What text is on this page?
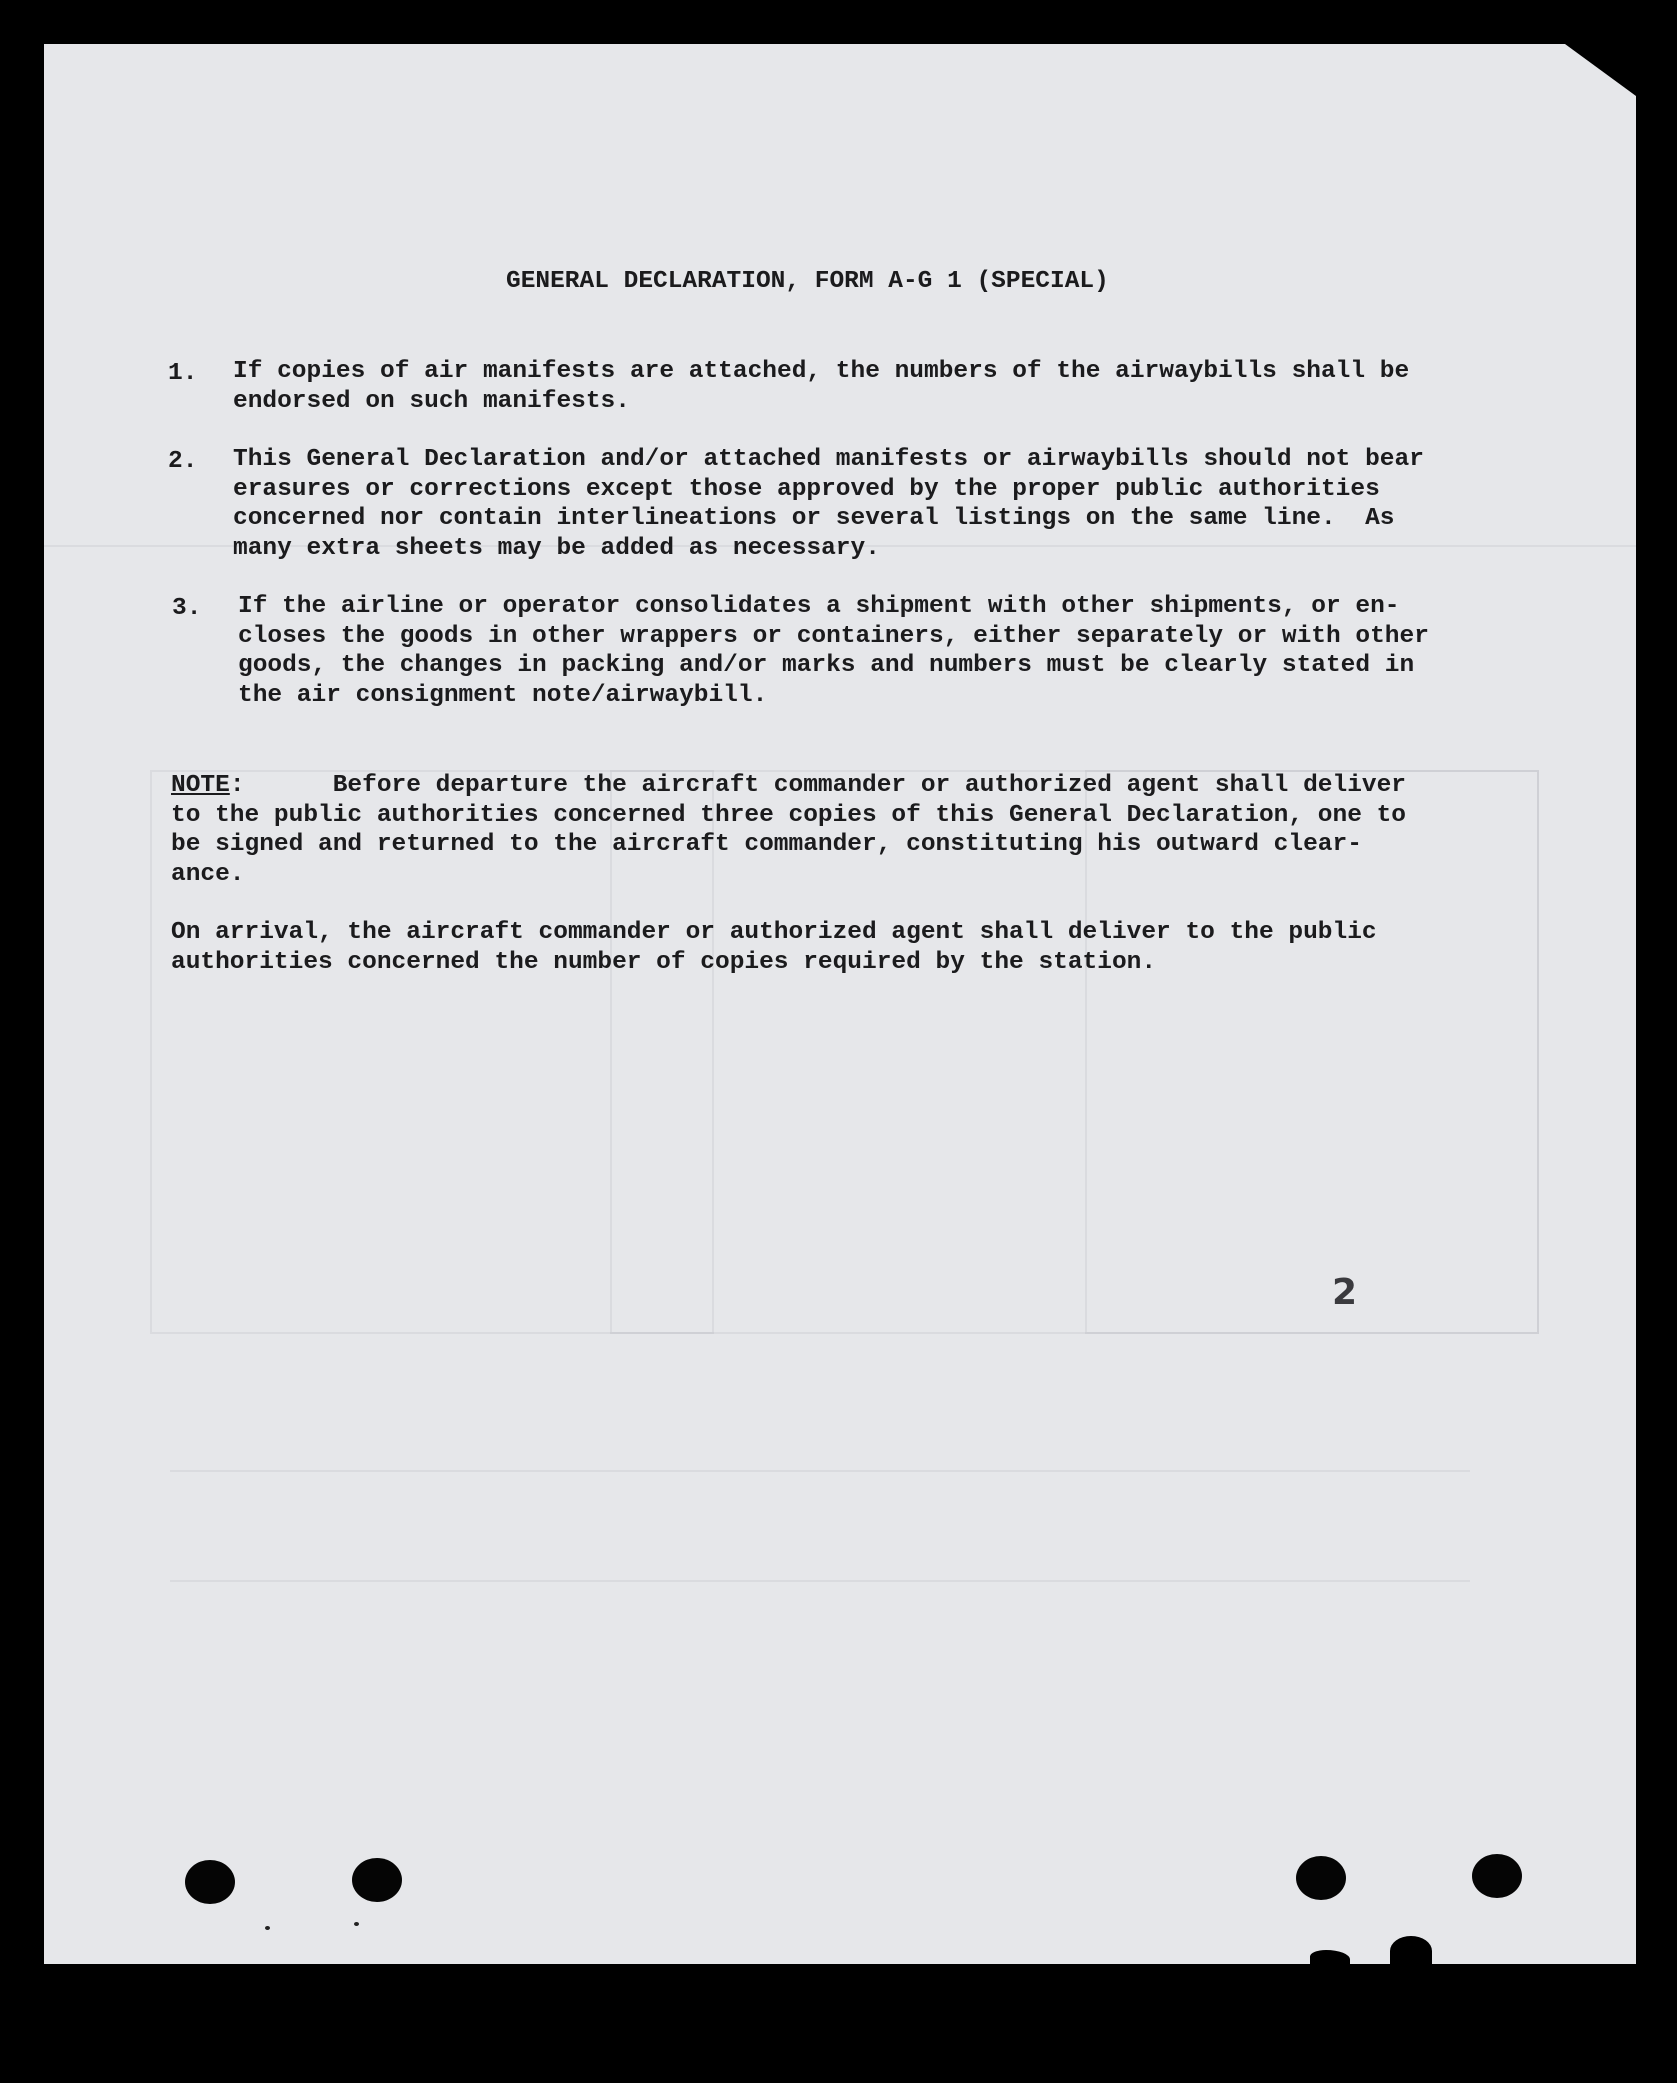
GENERAL DECLARATION, FORM A-G 1 (SPECIAL)
1. If copies of air manifests are attached, the numbers of the airwaybills shall be
endorsed on such manifests.
2. This General Declaration and/or attached manifests or airwaybills should not bear
erasures or corrections except those approved by the proper public authorities
concerned nor contain interlineations or several listings on the same line.  As
many extra sheets may be added as necessary.
3. If the airline or operator consolidates a shipment with other shipments, or en-
closes the goods in other wrappers or containers, either separately or with other
goods, the changes in packing and/or marks and numbers must be clearly stated in
the air consignment note/airwaybill.
NOTE:      Before departure the aircraft commander or authorized agent shall deliver
to the public authorities concerned three copies of this General Declaration, one to
be signed and returned to the aircraft commander, constituting his outward clear-
ance.
On arrival, the aircraft commander or authorized agent shall deliver to the public
authorities concerned the number of copies required by the station.
2
